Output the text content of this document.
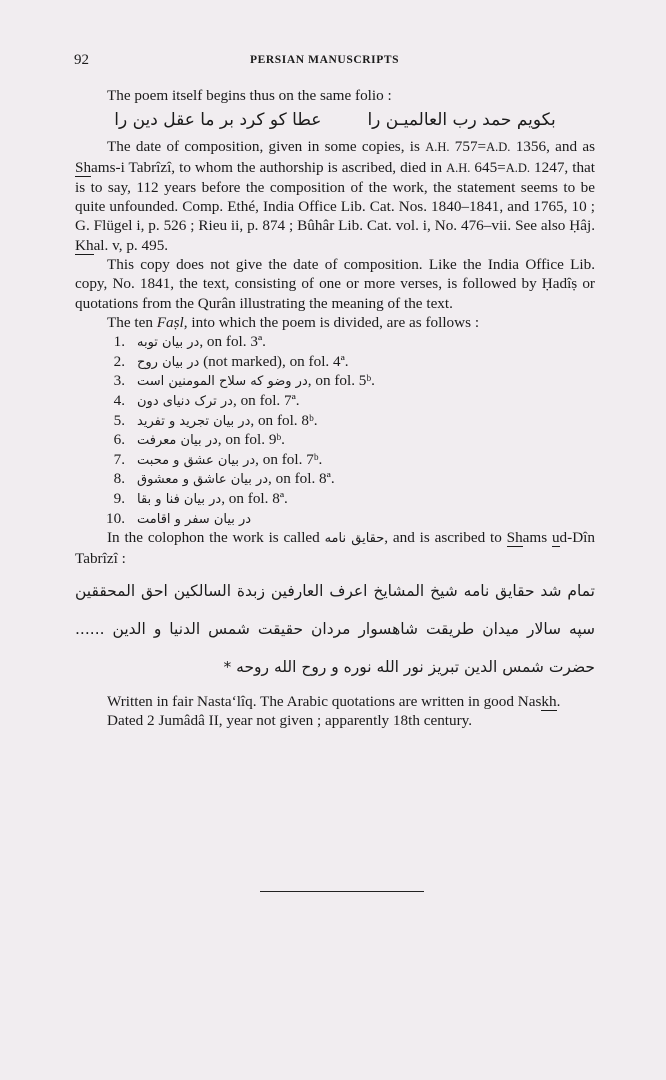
92	PERSIAN MANUSCRIPTS

The poem itself begins thus on the same folio :

بکویم حمد رب العالمیـن راعطا کو کرد بر ما عقل دین را

The date of composition, given in some copies, is A.H. 757=A.D. 1356, and as Shams-i Tabrîzî, to whom the authorship is ascribed, died in A.H. 645=A.D. 1247, that is to say, 112 years before the composition of the work, the statement seems to be quite unfounded. Comp. Ethé, India Office Lib. Cat. Nos. 1840–1841, and 1765, 10 ; G. Flügel i, p. 526 ; Rieu ii, p. 874 ; Bûhâr Lib. Cat. vol. i, No. 476–vii. See also Ḥâj. Khal. v, p. 495.

This copy does not give the date of composition. Like the India Office Lib. copy, No. 1841, the text, consisting of one or more verses, is followed by Ḥadîṣ or quotations from the Qurân illustrating the meaning of the text.

The ten Faṣl, into which the poem is divided, are as follows :

1. در بیان توبه, on fol. 3ª.
2. در بیان روح (not marked), on fol. 4ª.
3. در وضو که سلاح المومنین است, on fol. 5ᵇ.
4. در ترک دنیای دون, on fol. 7ª.
5. در بیان تجرید و تفرید, on fol. 8ᵇ.
6. در بیان معرفت, on fol. 9ᵇ.
7. در بیان عشق و محبت, on fol. 7ᵇ.
8. در بیان عاشق و معشوق, on fol. 8ª.
9. در بیان فنا و بقا, on fol. 8ª.
10. در بیان سفر و اقامت

In the colophon the work is called حقایق نامه, and is ascribed to Shams ud-Dîn Tabrîzî :

تمام شد حقایق نامه شیخ المشایخ اعرف العارفین زبدة السالکین احق المحققین سپه سالار میدان طریقت شاهسوار مردان حقیقت شمس الدنیا و الدین ...... حضرت شمس الدین تبریز نور الله نوره و روح الله روحه *

Written in fair Nasta‘lîq. The Arabic quotations are written in good Naskh.

Dated 2 Jumâdâ II, year not given ; apparently 18th century.
